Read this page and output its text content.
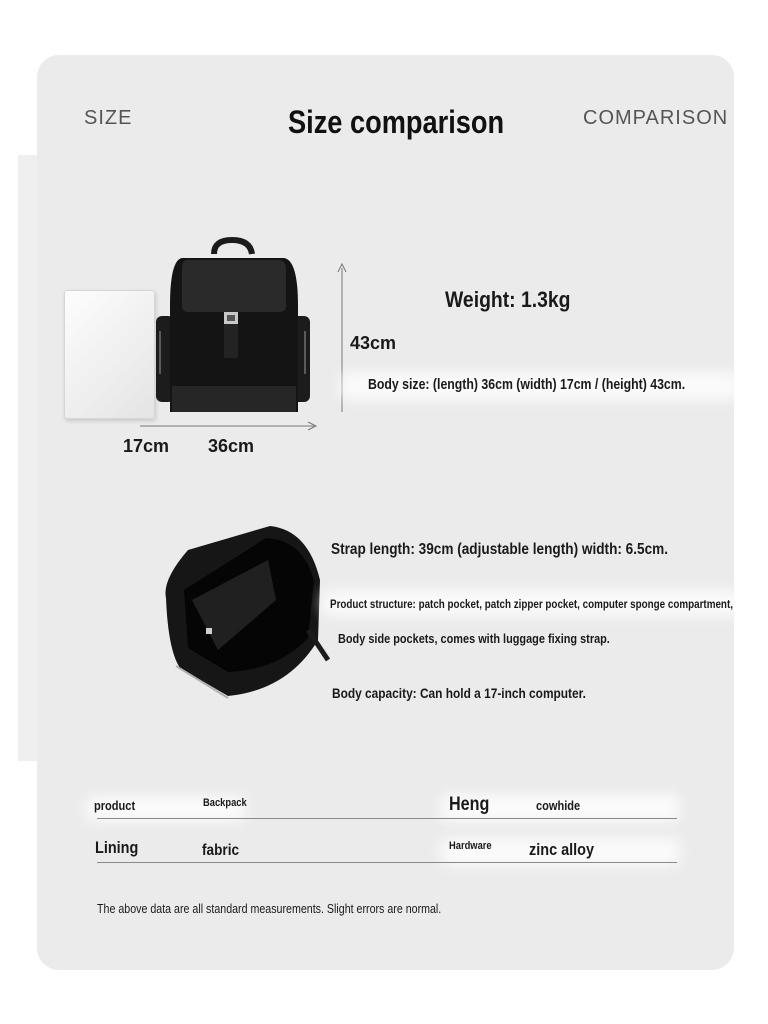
SIZE	Size comparison	COMPARISON
Weight: 1.3kg
43cm
Body size: (length) 36cm (width) 17cm / (height) 43cm.
17cm 36cm
Strap length: 39cm (adjustable length) width: 6.5cm.
Product structure: patch pocket, patch zipper pocket, computer sponge compartment,
Body side pockets, comes with luggage fixing strap.
Body capacity: Can hold a 17-inch computer.
product	Backpack	Heng	cowhide
Lining	fabric	Hardware zinc alloy
The above data are all standard measurements. Slight errors are normal.
